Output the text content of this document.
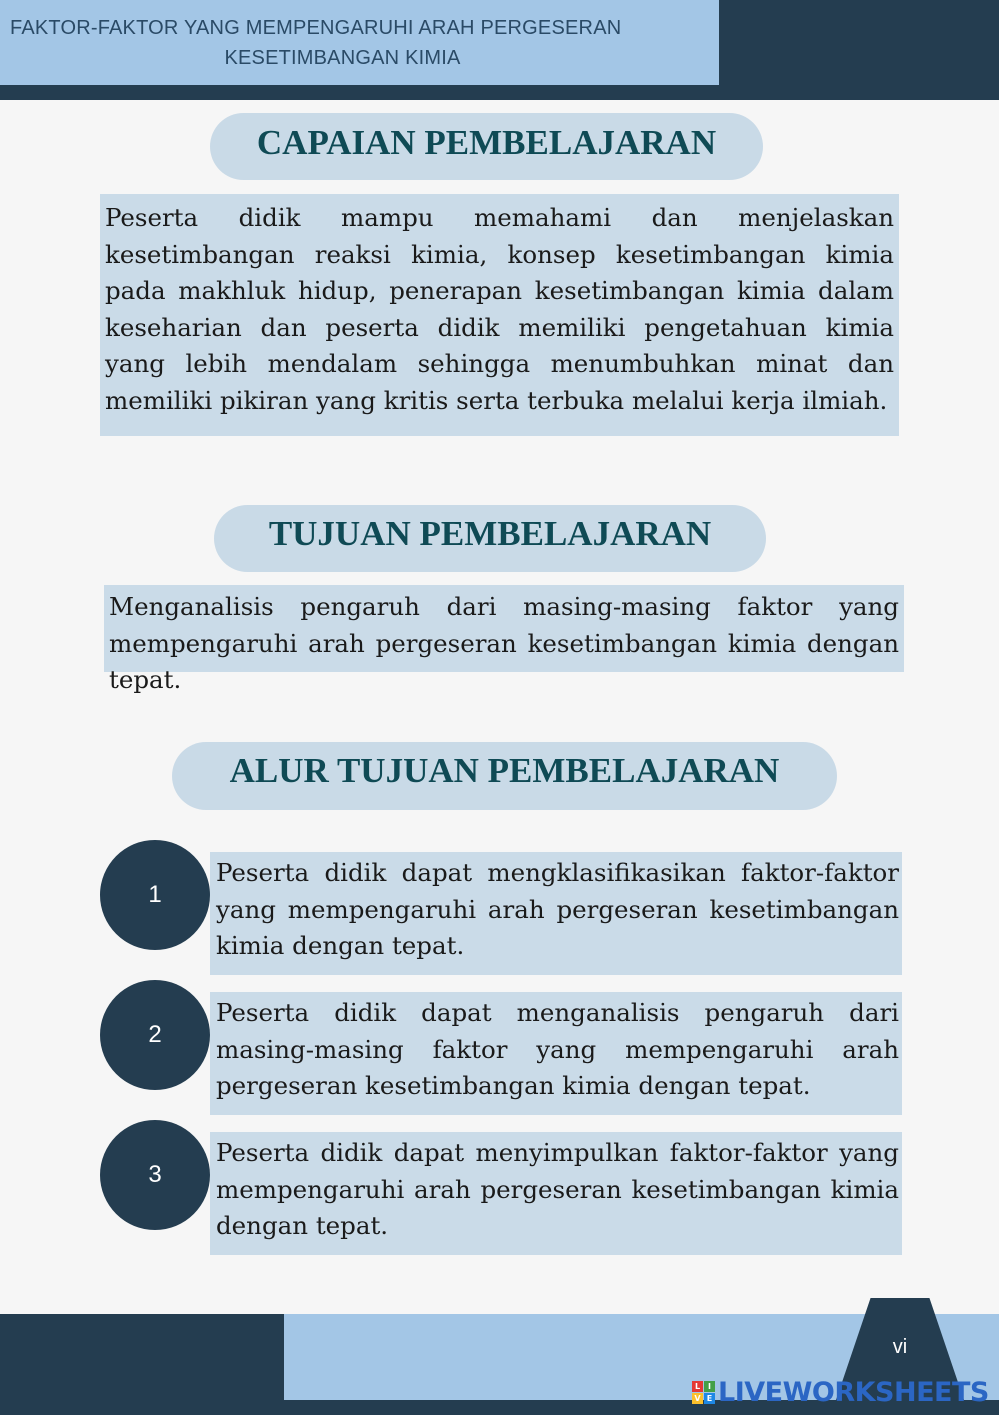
FAKTOR-FAKTOR YANG MEMPENGARUHI ARAH PERGESERAN
KESETIMBANGAN KIMIA
CAPAIAN PEMBELAJARAN
Peserta didik mampu memahami dan menjelaskan kesetimbangan reaksi kimia, konsep kesetimbangan kimia pada makhluk hidup, penerapan kesetimbangan kimia dalam keseharian dan peserta didik memiliki pengetahuan kimia yang lebih mendalam sehingga menumbuhkan minat dan memiliki pikiran yang kritis serta terbuka melalui kerja ilmiah.
TUJUAN PEMBELAJARAN
Menganalisis pengaruh dari masing-masing faktor yang mempengaruhi arah pergeseran kesetimbangan kimia dengan tepat.
ALUR TUJUAN PEMBELAJARAN
1
Peserta didik dapat mengklasifikasikan faktor-faktor yang mempengaruhi arah pergeseran kesetimbangan kimia dengan tepat.
2
Peserta didik dapat menganalisis pengaruh dari masing-masing faktor yang mempengaruhi arah pergeseran kesetimbangan kimia dengan tepat.
3
Peserta didik dapat menyimpulkan faktor-faktor yang mempengaruhi arah pergeseran kesetimbangan kimia dengan tepat.
vi
L I
V E LIVEWORKSHEETS
